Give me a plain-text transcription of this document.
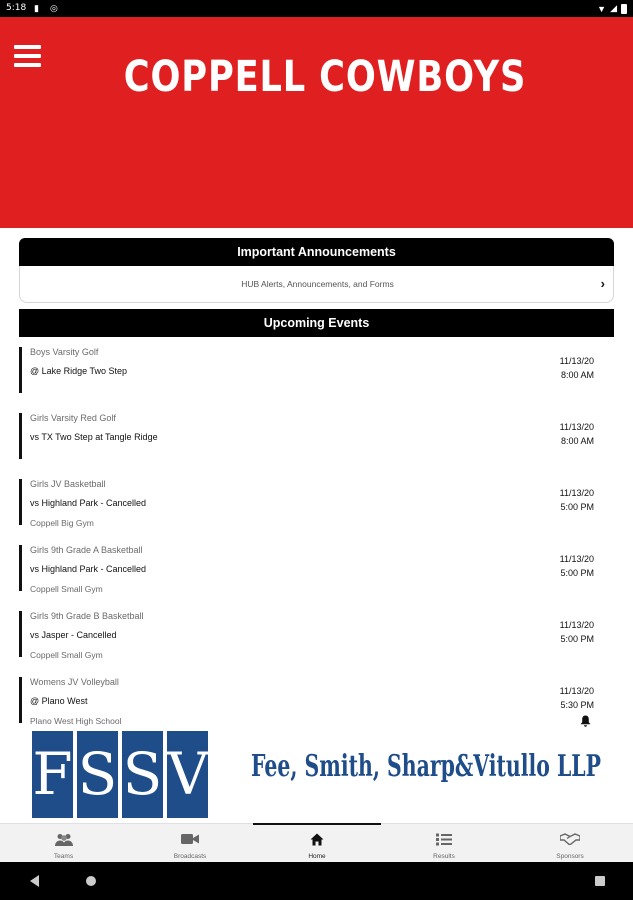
5:18 ▮ ◎	▼ ◢
COPPELL COWBOYS
Important Announcements
HUB Alerts, Announcements, and Forms	›
Upcoming Events
Boys Varsity Golf
@ Lake Ridge Two Step
11/13/20
8:00 AM
Girls Varsity Red Golf
vs TX Two Step at Tangle Ridge
11/13/20
8:00 AM
Girls JV Basketball
vs Highland Park - Cancelled
Coppell Big Gym
11/13/20
5:00 PM
Girls 9th Grade A Basketball
vs Highland Park - Cancelled
Coppell Small Gym
11/13/20
5:00 PM
Girls 9th Grade B Basketball
vs Jasper - Cancelled
Coppell Small Gym
11/13/20
5:00 PM
Womens JV Volleyball
@ Plano West
Plano West High School
11/13/20
5:30 PM
F S S V Fee, Smith, Sharp&Vitullo LLP
Teams	Broadcasts	Home	Results	Sponsors
